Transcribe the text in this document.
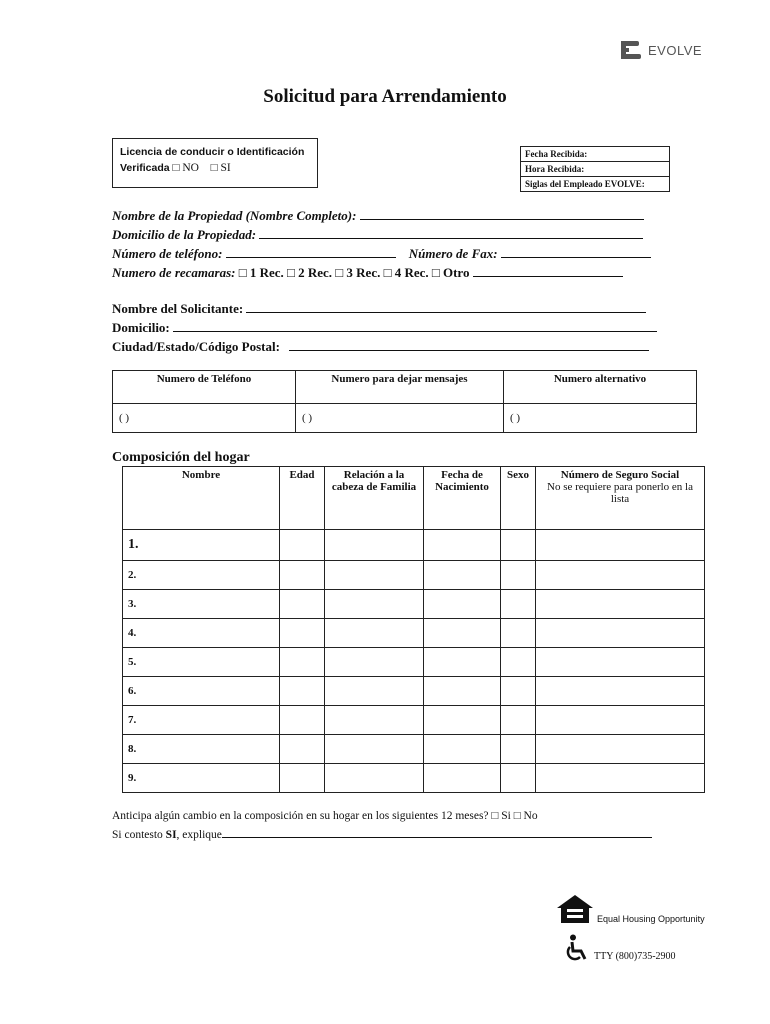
EVOLVE
Solicitud para Arrendamiento
Licencia de conducir o Identificación
Verificada □ NO □ SI
Fecha Recibida:
Hora Recibida:
Siglas del Empleado EVOLVE:
Nombre de la Propiedad (Nombre Completo):
Domicilio de la Propiedad:
Número de teléfono:	Número de Fax:
Numero de recamaras: □ 1 Rec. □ 2 Rec. □ 3 Rec. □ 4 Rec. □ Otro
Nombre del Solicitante:
Domicilio:
Ciudad/Estado/Código Postal:
Numero de Teléfono	Numero para dejar mensajes	Numero alternativo
( )	( )	( )
Composición del hogar
Nombre	Edad	Relación a la cabeza de Familia	Fecha de Nacimiento	Sexo	Número de Seguro Social
No se requiere para ponerlo en la lista

1.					
2.					
3.					
4.					
5.					
6.					
7.					
8.					
9.					
Anticipa algún cambio en la composición en su hogar en los siguientes 12 meses? □ Si □ No
Si contesto SI, explique
Equal Housing Opportunity
TTY (800)735-2900
